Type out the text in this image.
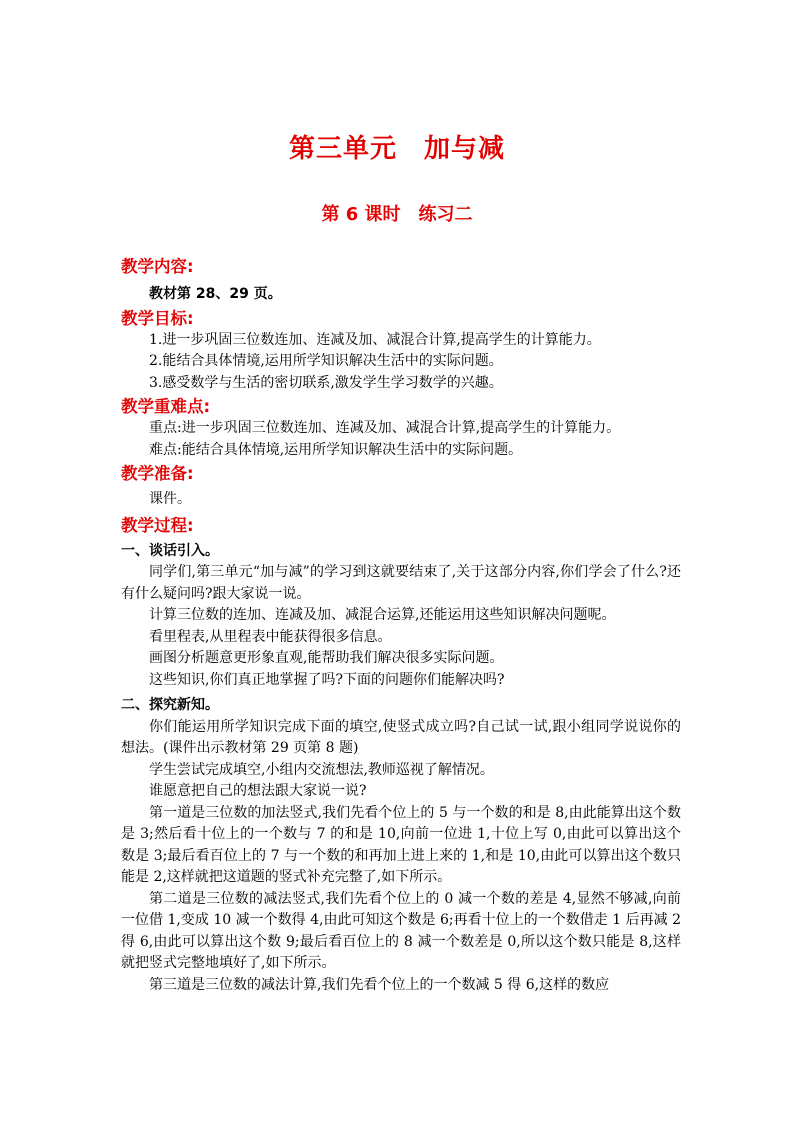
第三单元　加与减
第 6 课时　练习二

教学内容:

教材第 28、29 页。

教学目标:

1.进一步巩固三位数连加、连减及加、减混合计算,提高学生的计算能力。

2.能结合具体情境,运用所学知识解决生活中的实际问题。

3.感受数学与生活的密切联系,激发学生学习数学的兴趣。

教学重难点:

重点:进一步巩固三位数连加、连减及加、减混合计算,提高学生的计算能力。

难点:能结合具体情境,运用所学知识解决生活中的实际问题。

教学准备:

课件。

教学过程:

一、谈话引入。

同学们,第三单元“加与减”的学习到这就要结束了,关于这部分内容,你们学会了什么?还有什么疑问吗?跟大家说一说。

计算三位数的连加、连减及加、减混合运算,还能运用这些知识解决问题呢。

看里程表,从里程表中能获得很多信息。

画图分析题意更形象直观,能帮助我们解决很多实际问题。

这些知识,你们真正地掌握了吗?下面的问题你们能解决吗?

二、探究新知。

你们能运用所学知识完成下面的填空,使竖式成立吗?自己试一试,跟小组同学说说你的想法。(课件出示教材第 29 页第 8 题)

学生尝试完成填空,小组内交流想法,教师巡视了解情况。

谁愿意把自己的想法跟大家说一说?

第一道是三位数的加法竖式,我们先看个位上的 5 与一个数的和是 8,由此能算出这个数是 3;然后看十位上的一个数与 7 的和是 10,向前一位进 1,十位上写 0,由此可以算出这个数是 3;最后看百位上的 7 与一个数的和再加上进上来的 1,和是 10,由此可以算出这个数只能是 2,这样就把这道题的竖式补充完整了,如下所示。

第二道是三位数的减法竖式,我们先看个位上的 0 减一个数的差是 4,显然不够减,向前一位借 1,变成 10 减一个数得 4,由此可知这个数是 6;再看十位上的一个数借走 1 后再减 2 得 6,由此可以算出这个数 9;最后看百位上的 8 减一个数差是 0,所以这个数只能是 8,这样就把竖式完整地填好了,如下所示。

第三道是三位数的减法计算,我们先看个位上的一个数减 5 得 6,这样的数应
